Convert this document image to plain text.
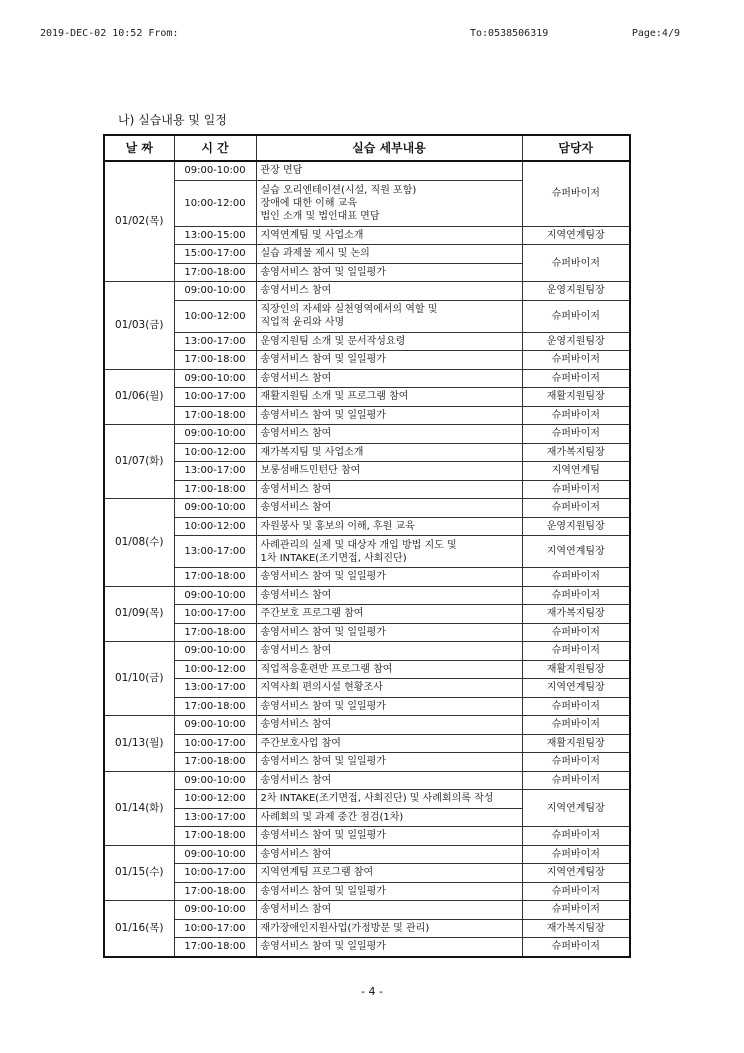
2019-DEC-02 10:52 From:	To:0538506319	Page:4/9
나) 실습내용 및 일정
날 짜	시 간	실습 세부내용	담당자
01/02(목)	09:00-10:00	관장 면담	슈퍼바이저
	10:00-12:00	실습 오리엔테이션(시설, 직원 포함)
장애에 대한 이해 교육
법인 소개 및 법인대표 면담	
	13:00-15:00	지역연계팀 및 사업소개	지역연계팀장
	15:00-17:00	실습 과제물 제시 및 논의	슈퍼바이저
	17:00-18:00	송영서비스 참여 및 일일평가	
01/03(금)	09:00-10:00	송영서비스 참여	운영지원팀장
	10:00-12:00	직장인의 자세와 실천영역에서의 역할 및
직업적 윤리와 사명	슈퍼바이저
	13:00-17:00	운영지원팀 소개 및 문서작성요령	운영지원팀장
	17:00-18:00	송영서비스 참여 및 일일평가	슈퍼바이저
01/06(월)	09:00-10:00	송영서비스 참여	슈퍼바이저
	10:00-17:00	재활지원팀 소개 및 프로그램 참여	재활지원팀장
	17:00-18:00	송영서비스 참여 및 일일평가	슈퍼바이저
01/07(화)	09:00-10:00	송영서비스 참여	슈퍼바이저
	10:00-12:00	재가복지팀 및 사업소개	재가복지팀장
	13:00-17:00	보롱섬배드민턴단 참여	지역연계팀
	17:00-18:00	송영서비스 참여	슈퍼바이저
01/08(수)	09:00-10:00	송영서비스 참여	슈퍼바이저
	10:00-12:00	자원봉사 및 홍보의 이해, 후원 교육	운영지원팀장
	13:00-17:00	사례관리의 실제 및 대상자 개입 방법 지도 및
1차 INTAKE(조기면접, 사회진단)	지역연계팀장
	17:00-18:00	송영서비스 참여 및 일일평가	슈퍼바이저
01/09(목)	09:00-10:00	송영서비스 참여	슈퍼바이저
	10:00-17:00	주간보호 프로그램 참여	재가복지팀장
	17:00-18:00	송영서비스 참여 및 일일평가	슈퍼바이저
01/10(금)	09:00-10:00	송영서비스 참여	슈퍼바이저
	10:00-12:00	직업적응훈련반 프로그램 참여	재활지원팀장
	13:00-17:00	지역사회 편의시설 현황조사	지역연계팀장
	17:00-18:00	송영서비스 참여 및 일일평가	슈퍼바이저
01/13(월)	09:00-10:00	송영서비스 참여	슈퍼바이저
	10:00-17:00	주간보호사업 참여	재활지원팀장
	17:00-18:00	송영서비스 참여 및 일일평가	슈퍼바이저
01/14(화)	09:00-10:00	송영서비스 참여	슈퍼바이저
	10:00-12:00	2차 INTAKE(조기면접, 사회진단) 및 사례회의록 작성	지역연계팀장
	13:00-17:00	사례회의 및 과제 중간 점검(1차)	
	17:00-18:00	송영서비스 참여 및 일일평가	슈퍼바이저
01/15(수)	09:00-10:00	송영서비스 참여	슈퍼바이저
	10:00-17:00	지역연계팀 프로그램 참여	지역연계팀장
	17:00-18:00	송영서비스 참여 및 일일평가	슈퍼바이저
01/16(목)	09:00-10:00	송영서비스 참여	슈퍼바이저
	10:00-17:00	재가장애인지원사업(가정방문 및 관리)	재가복지팀장
	17:00-18:00	송영서비스 참여 및 일일평가	슈퍼바이저
- 4 -
